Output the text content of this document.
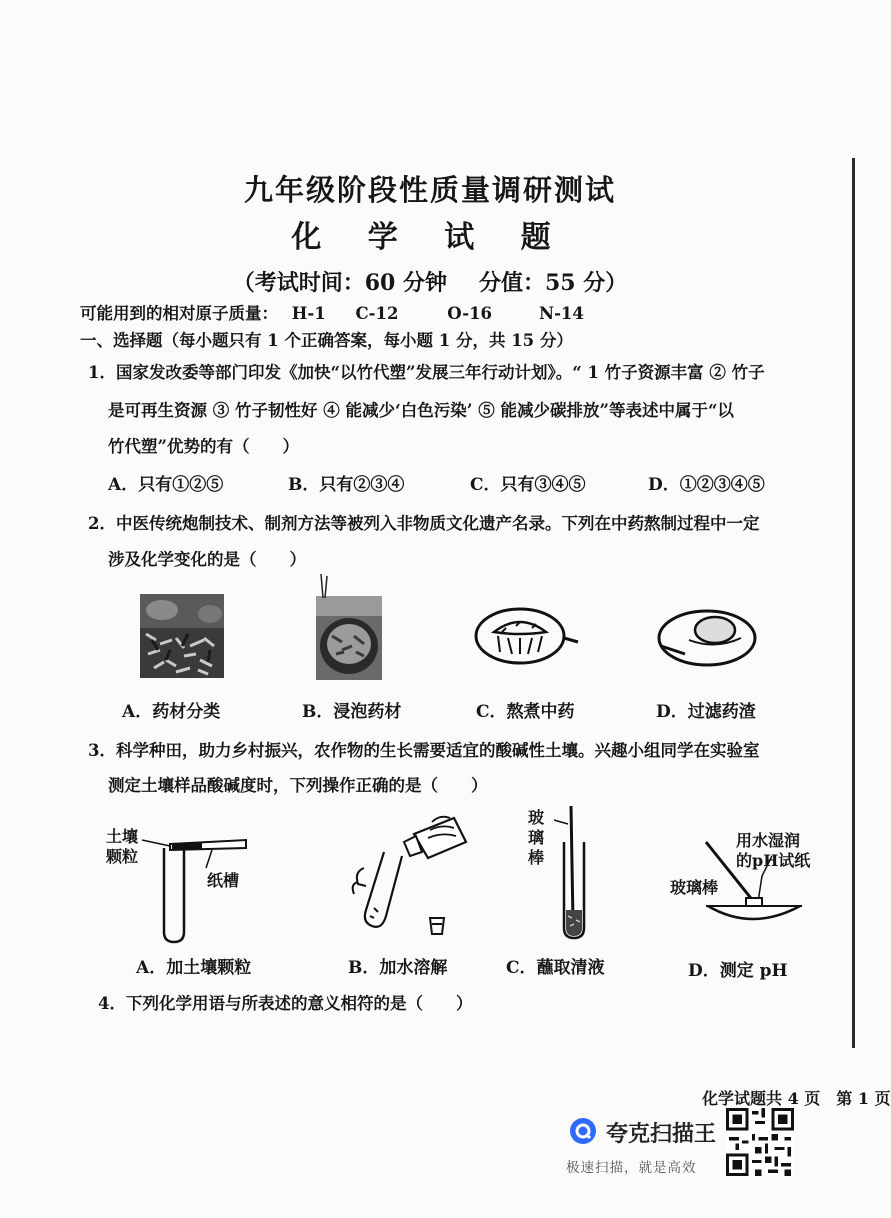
九年级阶段性质量调研测试
化 学 试 题
（考试时间：60 分钟 分值：55 分）
可能用到的相对原子质量： H-1 C-12	O-16	N-14
一、选择题（每小题只有 1 个正确答案，每小题 1 分，共 15 分）
1．国家发改委等部门印发《加快“以竹代塑”发展三年行动计划》。“ 1 竹子资源丰富 ② 竹子
是可再生资源 ③ 竹子韧性好 ④ 能减少‘白色污染’ ⑤ 能减少碳排放”等表述中属于“以
竹代塑”优势的有（　　）
A．只有①②⑤	B．只有②③④	C．只有③④⑤	D．①②③④⑤
2．中医传统炮制技术、制剂方法等被列入非物质文化遗产名录。下列在中药熬制过程中一定
涉及化学变化的是（　　）
A．药材分类	B．浸泡药材	C．熬煮中药	D．过滤药渣
3．科学种田，助力乡村振兴，农作物的生长需要适宜的酸碱性土壤。兴趣小组同学在实验室
测定土壤样品酸碱度时，下列操作正确的是（　　）
土壤
颗粒
纸槽
玻
璃
棒
用水湿润
的pH试纸
玻璃棒
A．加土壤颗粒	B．加水溶解	C．蘸取清液	D．测定 pH
4．下列化学用语与所表述的意义相符的是（　　）
化学试题共 4 页　第 1 页
夸克扫描王
极速扫描，就是高效
